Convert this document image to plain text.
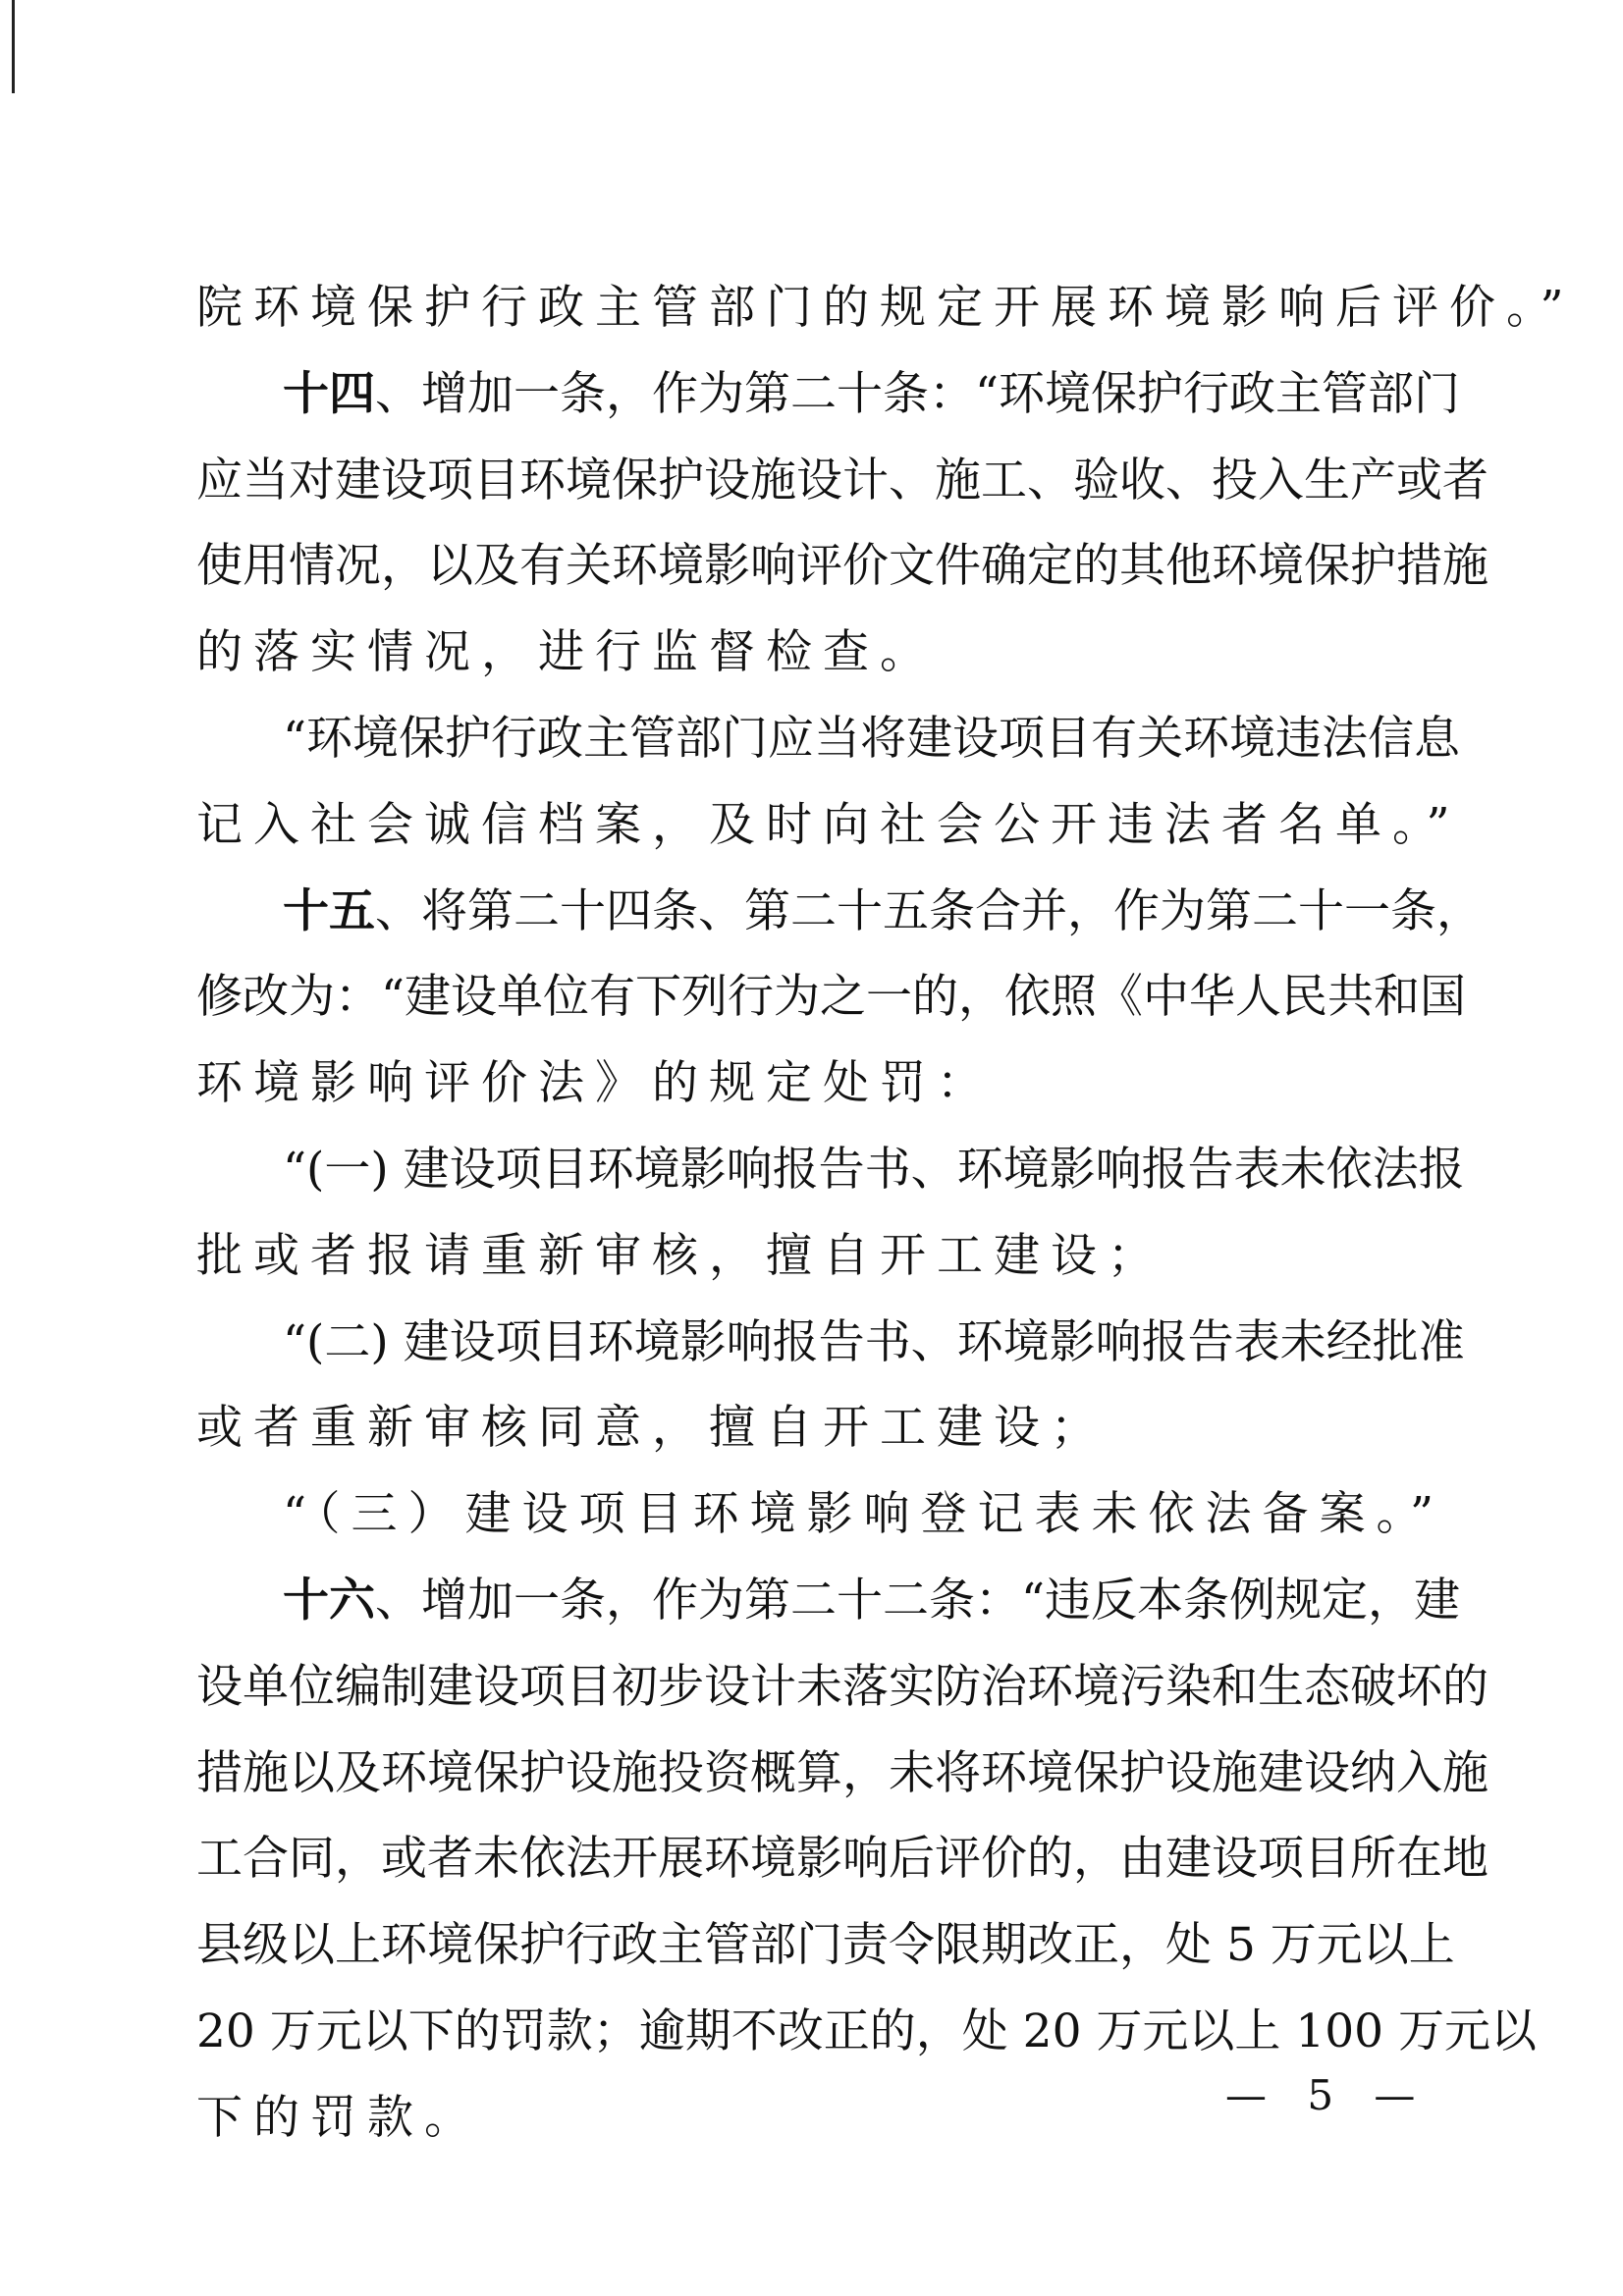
院环境保护行政主管部门的规定开展环境影响后评价。”
十四、增加一条，作为第二十条：“环境保护行政主管部门
应当对建设项目环境保护设施设计、施工、验收、投入生产或者
使用情况，以及有关环境影响评价文件确定的其他环境保护措施
的落实情况，进行监督检查。
“环境保护行政主管部门应当将建设项目有关环境违法信息
记入社会诚信档案，及时向社会公开违法者名单。”
十五、将第二十四条、第二十五条合并，作为第二十一条，
修改为：“建设单位有下列行为之一的，依照《中华人民共和国
环境影响评价法》的规定处罚：
“(一) 建设项目环境影响报告书、环境影响报告表未依法报
批或者报请重新审核，擅自开工建设；
“(二) 建设项目环境影响报告书、环境影响报告表未经批准
或者重新审核同意，擅自开工建设；
“（三）建设项目环境影响登记表未依法备案。”
十六、增加一条，作为第二十二条：“违反本条例规定，建
设单位编制建设项目初步设计未落实防治环境污染和生态破坏的
措施以及环境保护设施投资概算，未将环境保护设施建设纳入施
工合同，或者未依法开展环境影响后评价的，由建设项目所在地
县级以上环境保护行政主管部门责令限期改正，处 5 万元以上
20 万元以下的罚款；逾期不改正的，处 20 万元以上 100 万元以
下的罚款。	— 5 —
